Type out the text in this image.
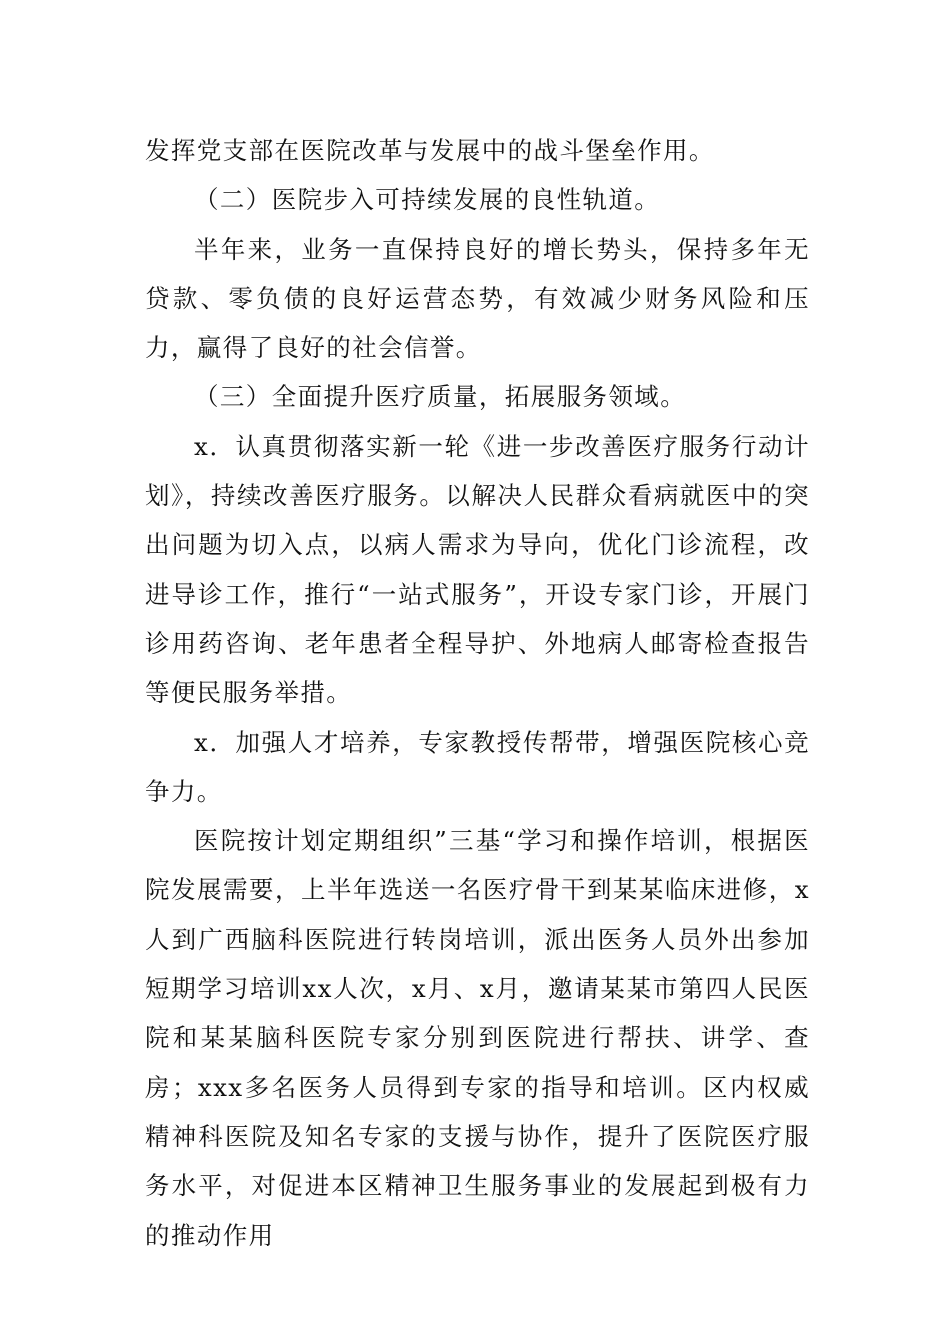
发挥党支部在医院改革与发展中的战斗堡垒作用。

（二）医院步入可持续发展的良性轨道。

半年来，业务一直保持良好的增长势头，保持多年无贷款、零负债的良好运营态势，有效减少财务风险和压力，赢得了良好的社会信誉。

（三）全面提升医疗质量，拓展服务领域。

x．认真贯彻落实新一轮《进一步改善医疗服务行动计划》，持续改善医疗服务。以解决人民群众看病就医中的突出问题为切入点，以病人需求为导向，优化门诊流程，改进导诊工作，推行“一站式服务”，开设专家门诊，开展门诊用药咨询、老年患者全程导护、外地病人邮寄检查报告等便民服务举措。

x．加强人才培养，专家教授传帮带，增强医院核心竞争力。

医院按计划定期组织”三基“学习和操作培训，根据医院发展需要，上半年选送一名医疗骨干到某某临床进修，x人到广西脑科医院进行转岗培训，派出医务人员外出参加短期学习培训xx人次，x月、x月，邀请某某市第四人民医院和某某脑科医院专家分别到医院进行帮扶、讲学、查房；xxx多名医务人员得到专家的指导和培训。区内权威精神科医院及知名专家的支援与协作，提升了医院医疗服务水平，对促进本区精神卫生服务事业的发展起到极有力的推动作用
